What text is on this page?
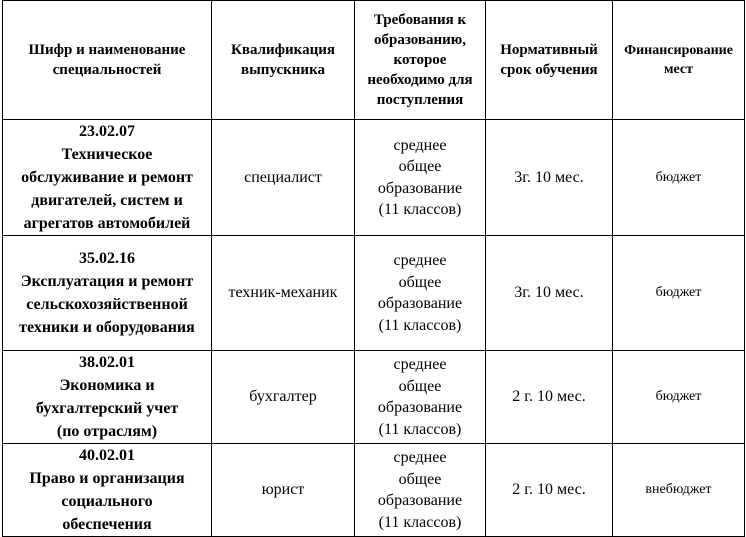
Шифр и наименование
специальностей	Квалификация
выпускника	Требования к
образованию,
которое
необходимо для
поступления	Нормативный
срок обучения	Финансирование
мест

23.02.07
Техническое
обслуживание и ремонт
двигателей, систем и
агрегатов автомобилей	специалист	среднее
общее
образование
(11 классов)	3г. 10 мес.	бюджет

35.02.16
Эксплуатация и ремонт
сельскохозяйственной
техники и оборудования	техник-механик	среднее
общее
образование
(11 классов)	3г. 10 мес.	бюджет

38.02.01
Экономика и
бухгалтерский учет
(по отраслям)	бухгалтер	среднее
общее
образование
(11 классов)	2 г. 10 мес.	бюджет

40.02.01
Право и организация
социального
обеспечения	юрист	среднее
общее
образование
(11 классов)	2 г. 10 мес.	внебюджет
